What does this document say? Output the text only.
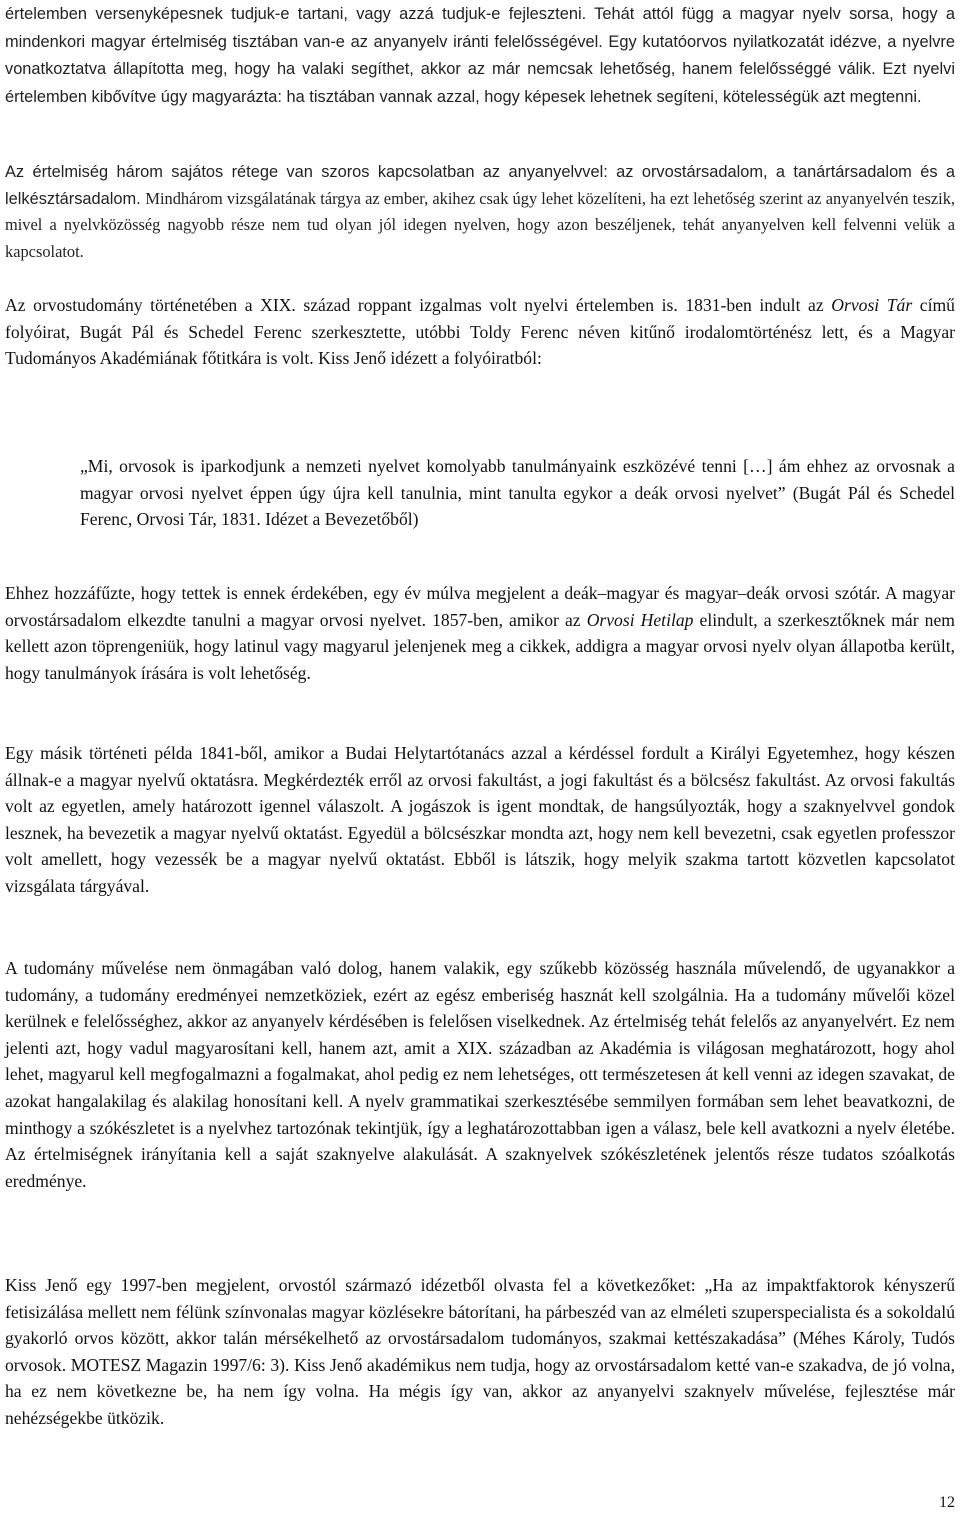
értelemben versenyképesnek tudjuk-e tartani, vagy azzá tudjuk-e fejleszteni. Tehát attól függ a magyar nyelv sorsa, hogy a mindenkori magyar értelmiség tisztában van-e az anyanyelv iránti felelősségével. Egy kutatóorvos nyilatkozatát idézve, a nyelvre vonatkoztatva állapította meg, hogy ha valaki segíthet, akkor az már nemcsak lehetőség, hanem felelősséggé válik. Ezt nyelvi értelemben kibővítve úgy magyarázta: ha tisztában vannak azzal, hogy képesek lehetnek segíteni, kötelességük azt megtenni.

Az értelmiség három sajátos rétege van szoros kapcsolatban az anyanyelvvel: az orvostársadalom, a tanártársadalom és a lelkésztársadalom. Mindhárom vizsgálatának tárgya az ember, akihez csak úgy lehet közelíteni, ha ezt lehetőség szerint az anyanyelvén teszik, mivel a nyelvközösség nagyobb része nem tud olyan jól idegen nyelven, hogy azon beszéljenek, tehát anyanyelven kell felvenni velük a kapcsolatot.

Az orvostudomány történetében a XIX. század roppant izgalmas volt nyelvi értelemben is. 1831-ben indult az Orvosi Tár című folyóirat, Bugát Pál és Schedel Ferenc szerkesztette, utóbbi Toldy Ferenc néven kitűnő irodalomtörténész lett, és a Magyar Tudományos Akadémiának főtitkára is volt. Kiss Jenő idézett a folyóiratból:

„Mi, orvosok is iparkodjunk a nemzeti nyelvet komolyabb tanulmányaink eszközévé tenni […] ám ehhez az orvosnak a magyar orvosi nyelvet éppen úgy újra kell tanulnia, mint tanulta egykor a deák orvosi nyelvet” (Bugát Pál és Schedel Ferenc, Orvosi Tár, 1831. Idézet a Bevezetőből)

Ehhez hozzáfűzte, hogy tettek is ennek érdekében, egy év múlva megjelent a deák–magyar és magyar–deák orvosi szótár. A magyar orvostársadalom elkezdte tanulni a magyar orvosi nyelvet. 1857-ben, amikor az Orvosi Hetilap elindult, a szerkesztőknek már nem kellett azon töprengeniük, hogy latinul vagy magyarul jelenjenek meg a cikkek, addigra a magyar orvosi nyelv olyan állapotba került, hogy tanulmányok írására is volt lehetőség.

Egy másik történeti példa 1841-ből, amikor a Budai Helytartótanács azzal a kérdéssel fordult a Királyi Egyetemhez, hogy készen állnak-e a magyar nyelvű oktatásra. Megkérdezték erről az orvosi fakultást, a jogi fakultást és a bölcsész fakultást. Az orvosi fakultás volt az egyetlen, amely határozott igennel válaszolt. A jogászok is igent mondtak, de hangsúlyozták, hogy a szaknyelvvel gondok lesznek, ha bevezetik a magyar nyelvű oktatást. Egyedül a bölcsészkar mondta azt, hogy nem kell bevezetni, csak egyetlen professzor volt amellett, hogy vezessék be a magyar nyelvű oktatást. Ebből is látszik, hogy melyik szakma tartott közvetlen kapcsolatot vizsgálata tárgyával.

A tudomány művelése nem önmagában való dolog, hanem valakik, egy szűkebb közösség használa művelendő, de ugyanakkor a tudomány, a tudomány eredményei nemzetköziek, ezért az egész emberiség hasznát kell szolgálnia. Ha a tudomány művelői közel kerülnek e felelősséghez, akkor az anyanyelv kérdésében is felelősen viselkednek. Az értelmiség tehát felelős az anyanyelvért. Ez nem jelenti azt, hogy vadul magyarosítani kell, hanem azt, amit a XIX. században az Akadémia is világosan meghatározott, hogy ahol lehet, magyarul kell megfogalmazni a fogalmakat, ahol pedig ez nem lehetséges, ott természetesen át kell venni az idegen szavakat, de azokat hangalakilag és alakilag honosítani kell. A nyelv grammatikai szerkesztésébe semmilyen formában sem lehet beavatkozni, de minthogy a szókészletet is a nyelvhez tartozónak tekintjük, így a leghatározottabban igen a válasz, bele kell avatkozni a nyelv életébe. Az értelmiségnek irányítania kell a saját szaknyelve alakulását. A szaknyelvek szókészletének jelentős része tudatos szóalkotás eredménye.

Kiss Jenő egy 1997-ben megjelent, orvostól származó idézetből olvasta fel a következőket: „Ha az impaktfaktorok kényszerű fetisizálása mellett nem félünk színvonalas magyar közlésekre bátorítani, ha párbeszéd van az elméleti szuperspecialista és a sokoldalú gyakorló orvos között, akkor talán mérsékelhető az orvostársadalom tudományos, szakmai kettészakadása” (Méhes Károly, Tudós orvosok. MOTESZ Magazin 1997/6: 3). Kiss Jenő akadémikus nem tudja, hogy az orvostársadalom ketté van-e szakadva, de jó volna, ha ez nem következne be, ha nem így volna. Ha mégis így van, akkor az anyanyelvi szaknyelv művelése, fejlesztése már nehézségekbe ütközik.

12
